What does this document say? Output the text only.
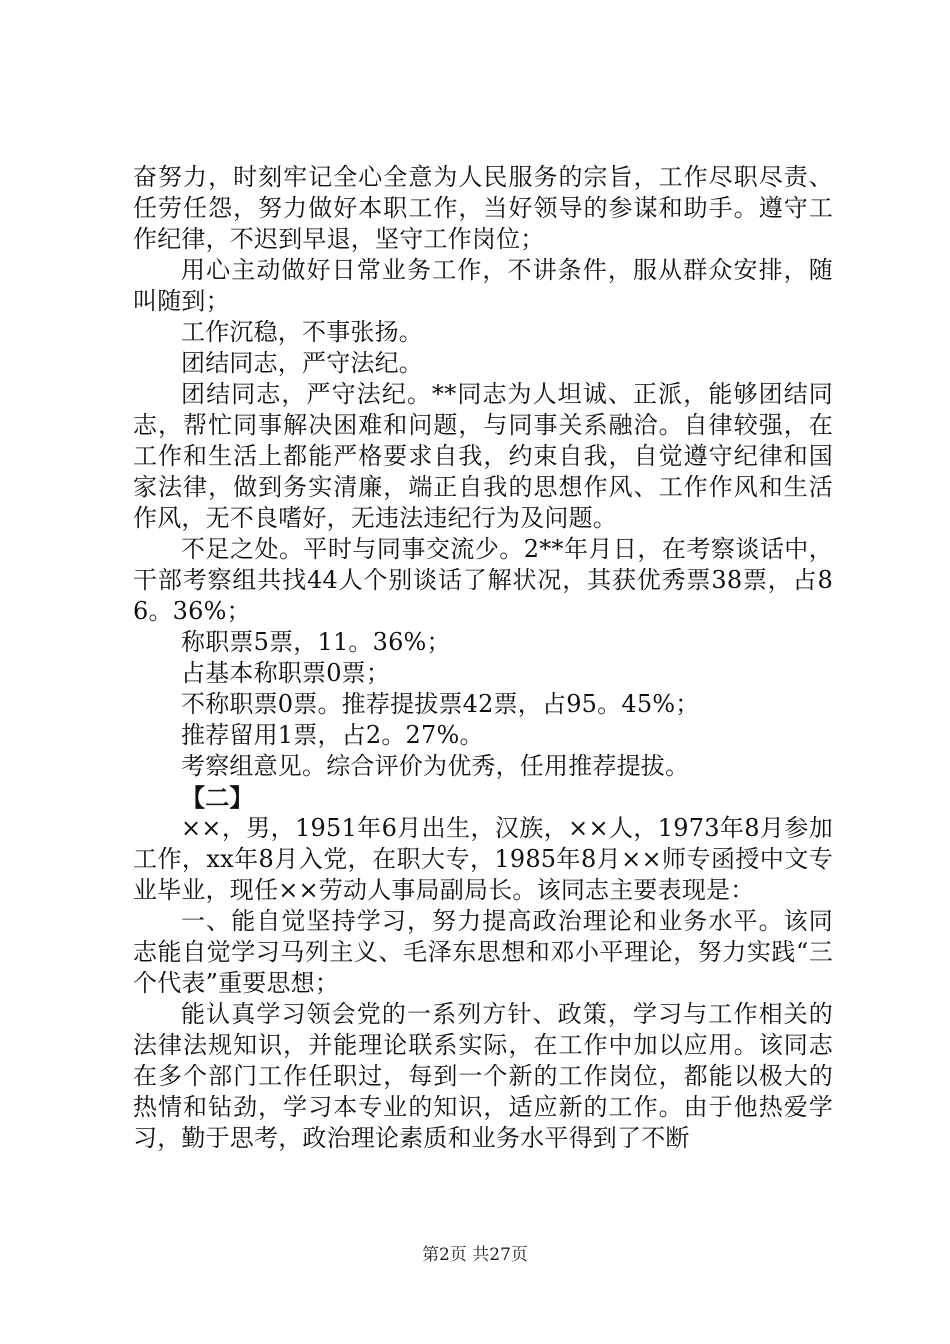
奋努力，时刻牢记全心全意为人民服务的宗旨，工作尽职尽责、任劳任怨，努力做好本职工作，当好领导的参谋和助手。遵守工作纪律，不迟到早退，坚守工作岗位；

用心主动做好日常业务工作，不讲条件，服从群众安排，随叫随到；

工作沉稳，不事张扬。

团结同志，严守法纪。

团结同志，严守法纪。**同志为人坦诚、正派，能够团结同志，帮忙同事解决困难和问题，与同事关系融洽。自律较强，在工作和生活上都能严格要求自我，约束自我，自觉遵守纪律和国家法律，做到务实清廉，端正自我的思想作风、工作作风和生活作风，无不良嗜好，无违法违纪行为及问题。

不足之处。平时与同事交流少。2**年月日，在考察谈话中，干部考察组共找44人个别谈话了解状况，其获优秀票38票，占86。36%；

称职票5票，11。36%；

占基本称职票0票；

不称职票0票。推荐提拔票42票，占95。45%；

推荐留用1票，占2。27%。

考察组意见。综合评价为优秀，任用推荐提拔。

【二】

××，男，1951年6月出生，汉族，××人，1973年8月参加工作，xx年8月入党，在职大专，1985年8月××师专函授中文专业毕业，现任××劳动人事局副局长。该同志主要表现是：

一、能自觉坚持学习，努力提高政治理论和业务水平。该同志能自觉学习马列主义、毛泽东思想和邓小平理论，努力实践“三个代表”重要思想；

能认真学习领会党的一系列方针、政策，学习与工作相关的法律法规知识，并能理论联系实际，在工作中加以应用。该同志在多个部门工作任职过，每到一个新的工作岗位，都能以极大的热情和钻劲，学习本专业的知识，适应新的工作。由于他热爱学习，勤于思考，政治理论素质和业务水平得到了不断

第2页 共27页
